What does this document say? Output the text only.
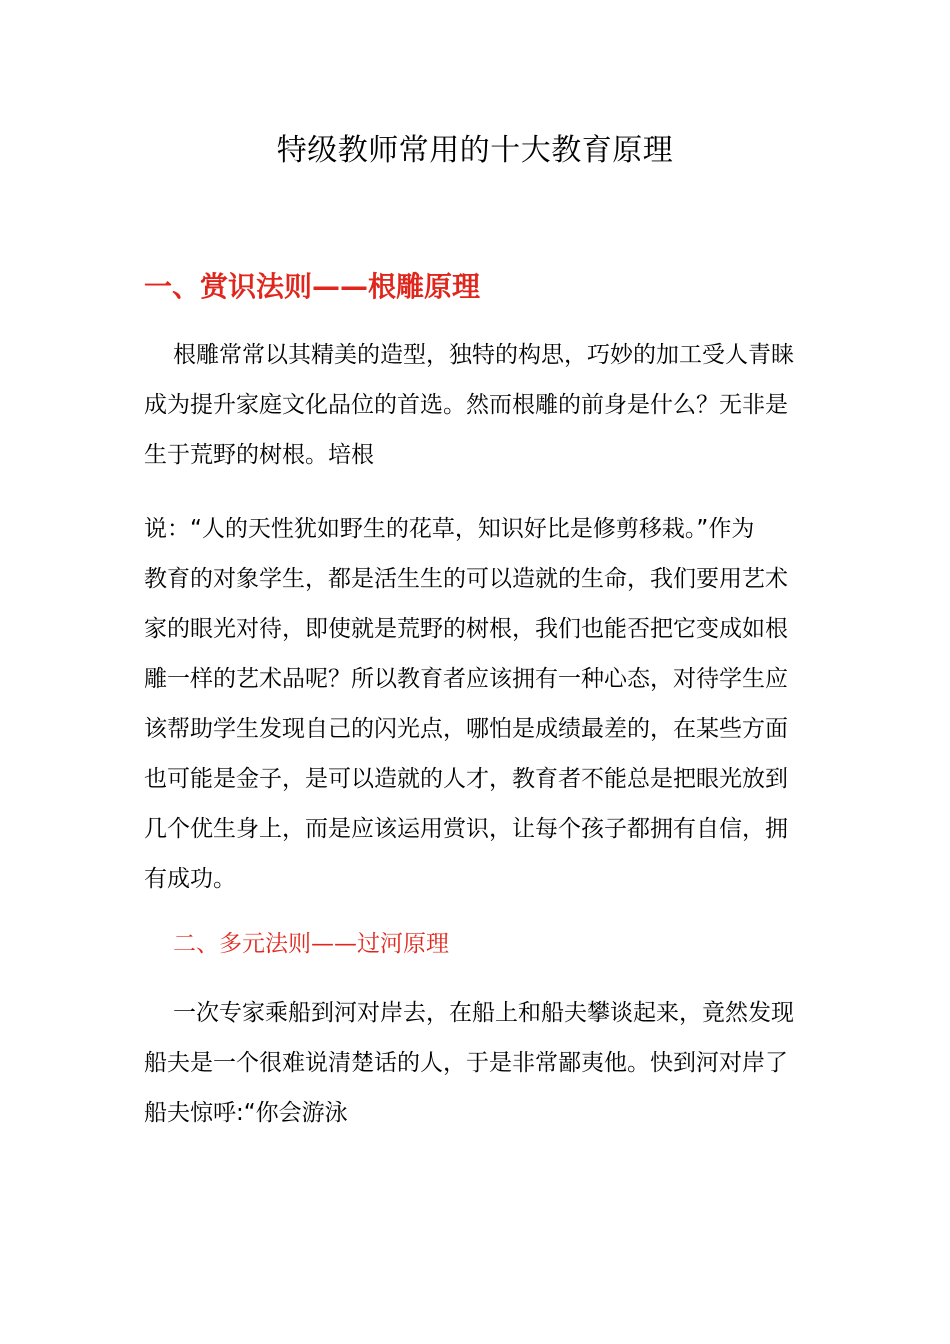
特级教师常用的十大教育原理
一、赏识法则——根雕原理

根雕常常以其精美的造型，独特的构思，巧妙的加工受人青睐
成为提升家庭文化品位的首选。然而根雕的前身是什么？无非是
生于荒野的树根。培根

说：“人的天性犹如野生的花草，知识好比是修剪移栽。”作为
教育的对象学生，都是活生生的可以造就的生命，我们要用艺术
家的眼光对待，即使就是荒野的树根，我们也能否把它变成如根
雕一样的艺术品呢？所以教育者应该拥有一种心态，对待学生应
该帮助学生发现自己的闪光点，哪怕是成绩最差的，在某些方面
也可能是金子，是可以造就的人才，教育者不能总是把眼光放到
几个优生身上，而是应该运用赏识，让每个孩子都拥有自信，拥
有成功。

二、多元法则——过河原理

一次专家乘船到河对岸去，在船上和船夫攀谈起来，竟然发现
船夫是一个很难说清楚话的人，于是非常鄙夷他。快到河对岸了
船夫惊呼:“你会游泳
